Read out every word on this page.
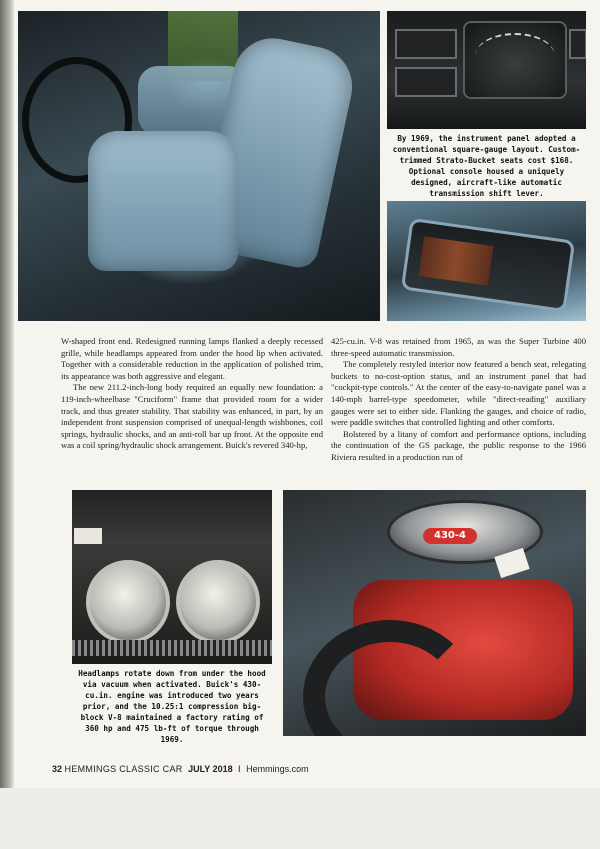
By 1969, the instrument panel adopted a conventional square-gauge layout. Custom-trimmed Strato-Bucket seats cost $168. Optional console housed a uniquely designed, aircraft-like automatic transmission shift lever.

W-shaped front end. Redesigned running lamps flanked a deeply recessed grille, while headlamps appeared from under the hood lip when activated. Together with a considerable reduction in the application of polished trim, its appearance was both aggressive and elegant.

The new 211.2-inch-long body required an equally new foundation: a 119-inch-wheelbase "Cruciform" frame that provided room for a wider track, and thus greater stability. That stability was enhanced, in part, by an independent front suspension comprised of unequal-length wishbones, coil springs, hydraulic shocks, and an anti-roll bar up front. At the opposite end was a coil spring/hydraulic shock arrangement. Buick's revered 340-hp,

425-cu.in. V-8 was retained from 1965, as was the Super Turbine 400 three-speed automatic transmission.

The completely restyled interior now featured a bench seat, relegating buckets to no-cost-option status, and an instrument panel that had "cockpit-type controls." At the center of the easy-to-navigate panel was a 140-mph barrel-type speedometer, while "direct-reading" auxiliary gauges were set to either side. Flanking the gauges, and choice of radio, were paddle switches that controlled lighting and other comforts.

Bolstered by a litany of comfort and performance options, including the continuation of the GS package, the public response to the 1966 Riviera resulted in a production run of

Headlamps rotate down from under the hood via vacuum when activated. Buick's 430-cu.in. engine was introduced two years prior, and the 10.25:1 compression big-block V-8 maintained a factory rating of 360 hp and 475 lb-ft of torque through 1969.
430-4
32 HEMMINGS CLASSIC CAR JULY 2018 I Hemmings.com
